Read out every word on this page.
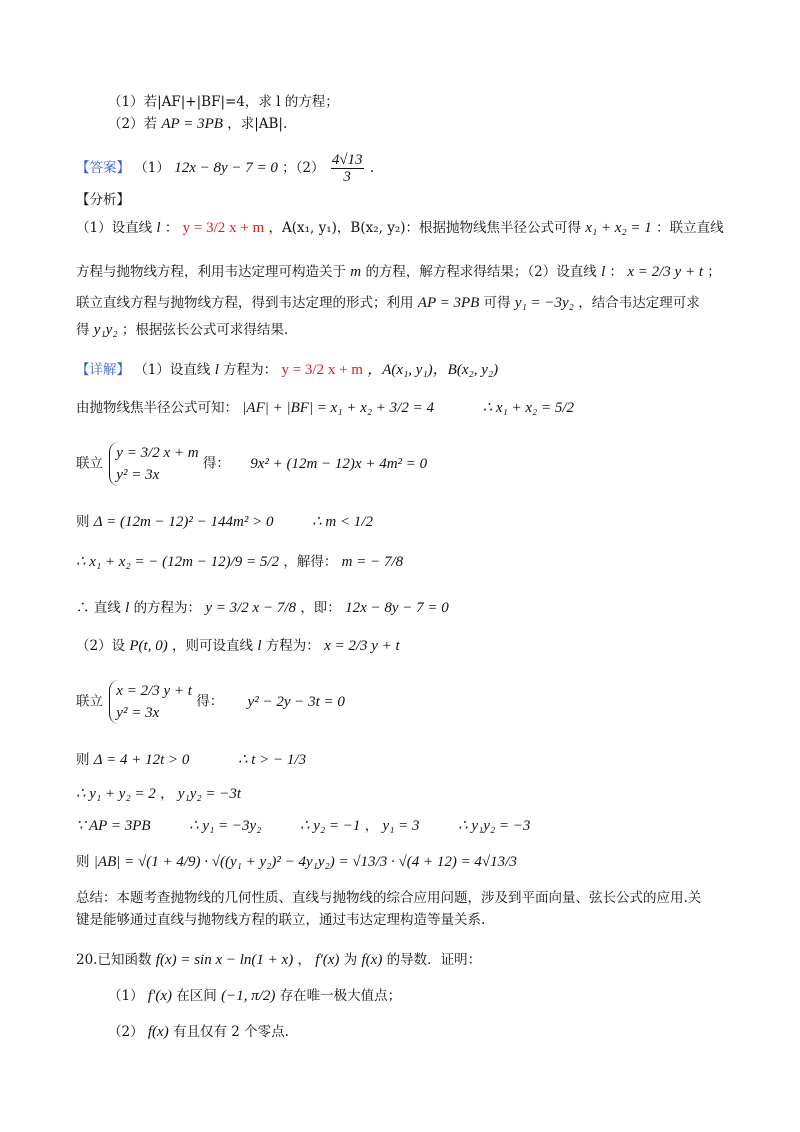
（1）若|AF|+|BF|=4，求 l 的方程；
（2）若 AP = 3PB ，求|AB|.
【答案】 （1） 12x − 8y − 7 = 0 ；$(2) \frac{4√13}{3}$ .
【分析】
（1）设直线 l ： y = 3/2 x + m ，A(x₁, y₁)，B(x₂, y₂)：根据抛物线焦半径公式可得 x₁ + x₂ = 1 ：联立直线
方程与抛物线方程，利用韦达定理可构造关于 m 的方程，解方程求得结果；（2）设直线 l ： x = 2/3 y + t ；
联立直线方程与抛物线方程，得到韦达定理的形式；利用 AP = 3PB 可得 y₁ = −3y₂ ，结合韦达定理可求
得 y₁y₂ ；根据弦长公式可求得结果.
【详解】 （1）设直线 l 方程为： y = 3/2 x + m ，A(x₁, y₁)，B(x₂, y₂)
由抛物线焦半径公式可知： |AF| + |BF| = x₁ + x₂ + 3/2 = 4	∴ x₁ + x₂ = 5/2
联立
y = 3/2 x + m
y² = 3x
得： 9x² + (12m − 12)x + 4m² = 0
则 Δ = (12m − 12)² − 144m² > 0	∴ m < 1/2
∴ x₁ + x₂ = − (12m − 12)/9 = 5/2 ，解得： m = − 7/8
∴ 直线 l 的方程为： y = 3/2 x − 7/8 ，即： 12x − 8y − 7 = 0
（2）设 P(t, 0) ，则可设直线 l 方程为： x = 2/3 y + t
联立
x = 2/3 y + t
y² = 3x
得： y² − 2y − 3t = 0
则 Δ = 4 + 12t > 0	∴ t > − 1/3
∴ y₁ + y₂ = 2 ， y₁y₂ = −3t
∵ AP = 3PB	∴ y₁ = −3y₂	∴ y₂ = −1 ， y₁ = 3	∴ y₁y₂ = −3
则 |AB| = √(1 + 4/9) · √((y₁ + y₂)² − 4y₁y₂) = √13/3 · √(4 + 12) = 4√13/3
总结：本题考查抛物线的几何性质、直线与抛物线的综合应用问题，涉及到平面向量、弦长公式的应用.关
键是能够通过直线与抛物线方程的联立，通过韦达定理构造等量关系.
20.已知函数 f(x) = sin x − ln(1 + x) ， f′(x) 为 f(x) 的导数．证明：
（1） f′(x) 在区间 (−1, π/2) 存在唯一极大值点；
（2） f(x) 有且仅有 2 个零点.
